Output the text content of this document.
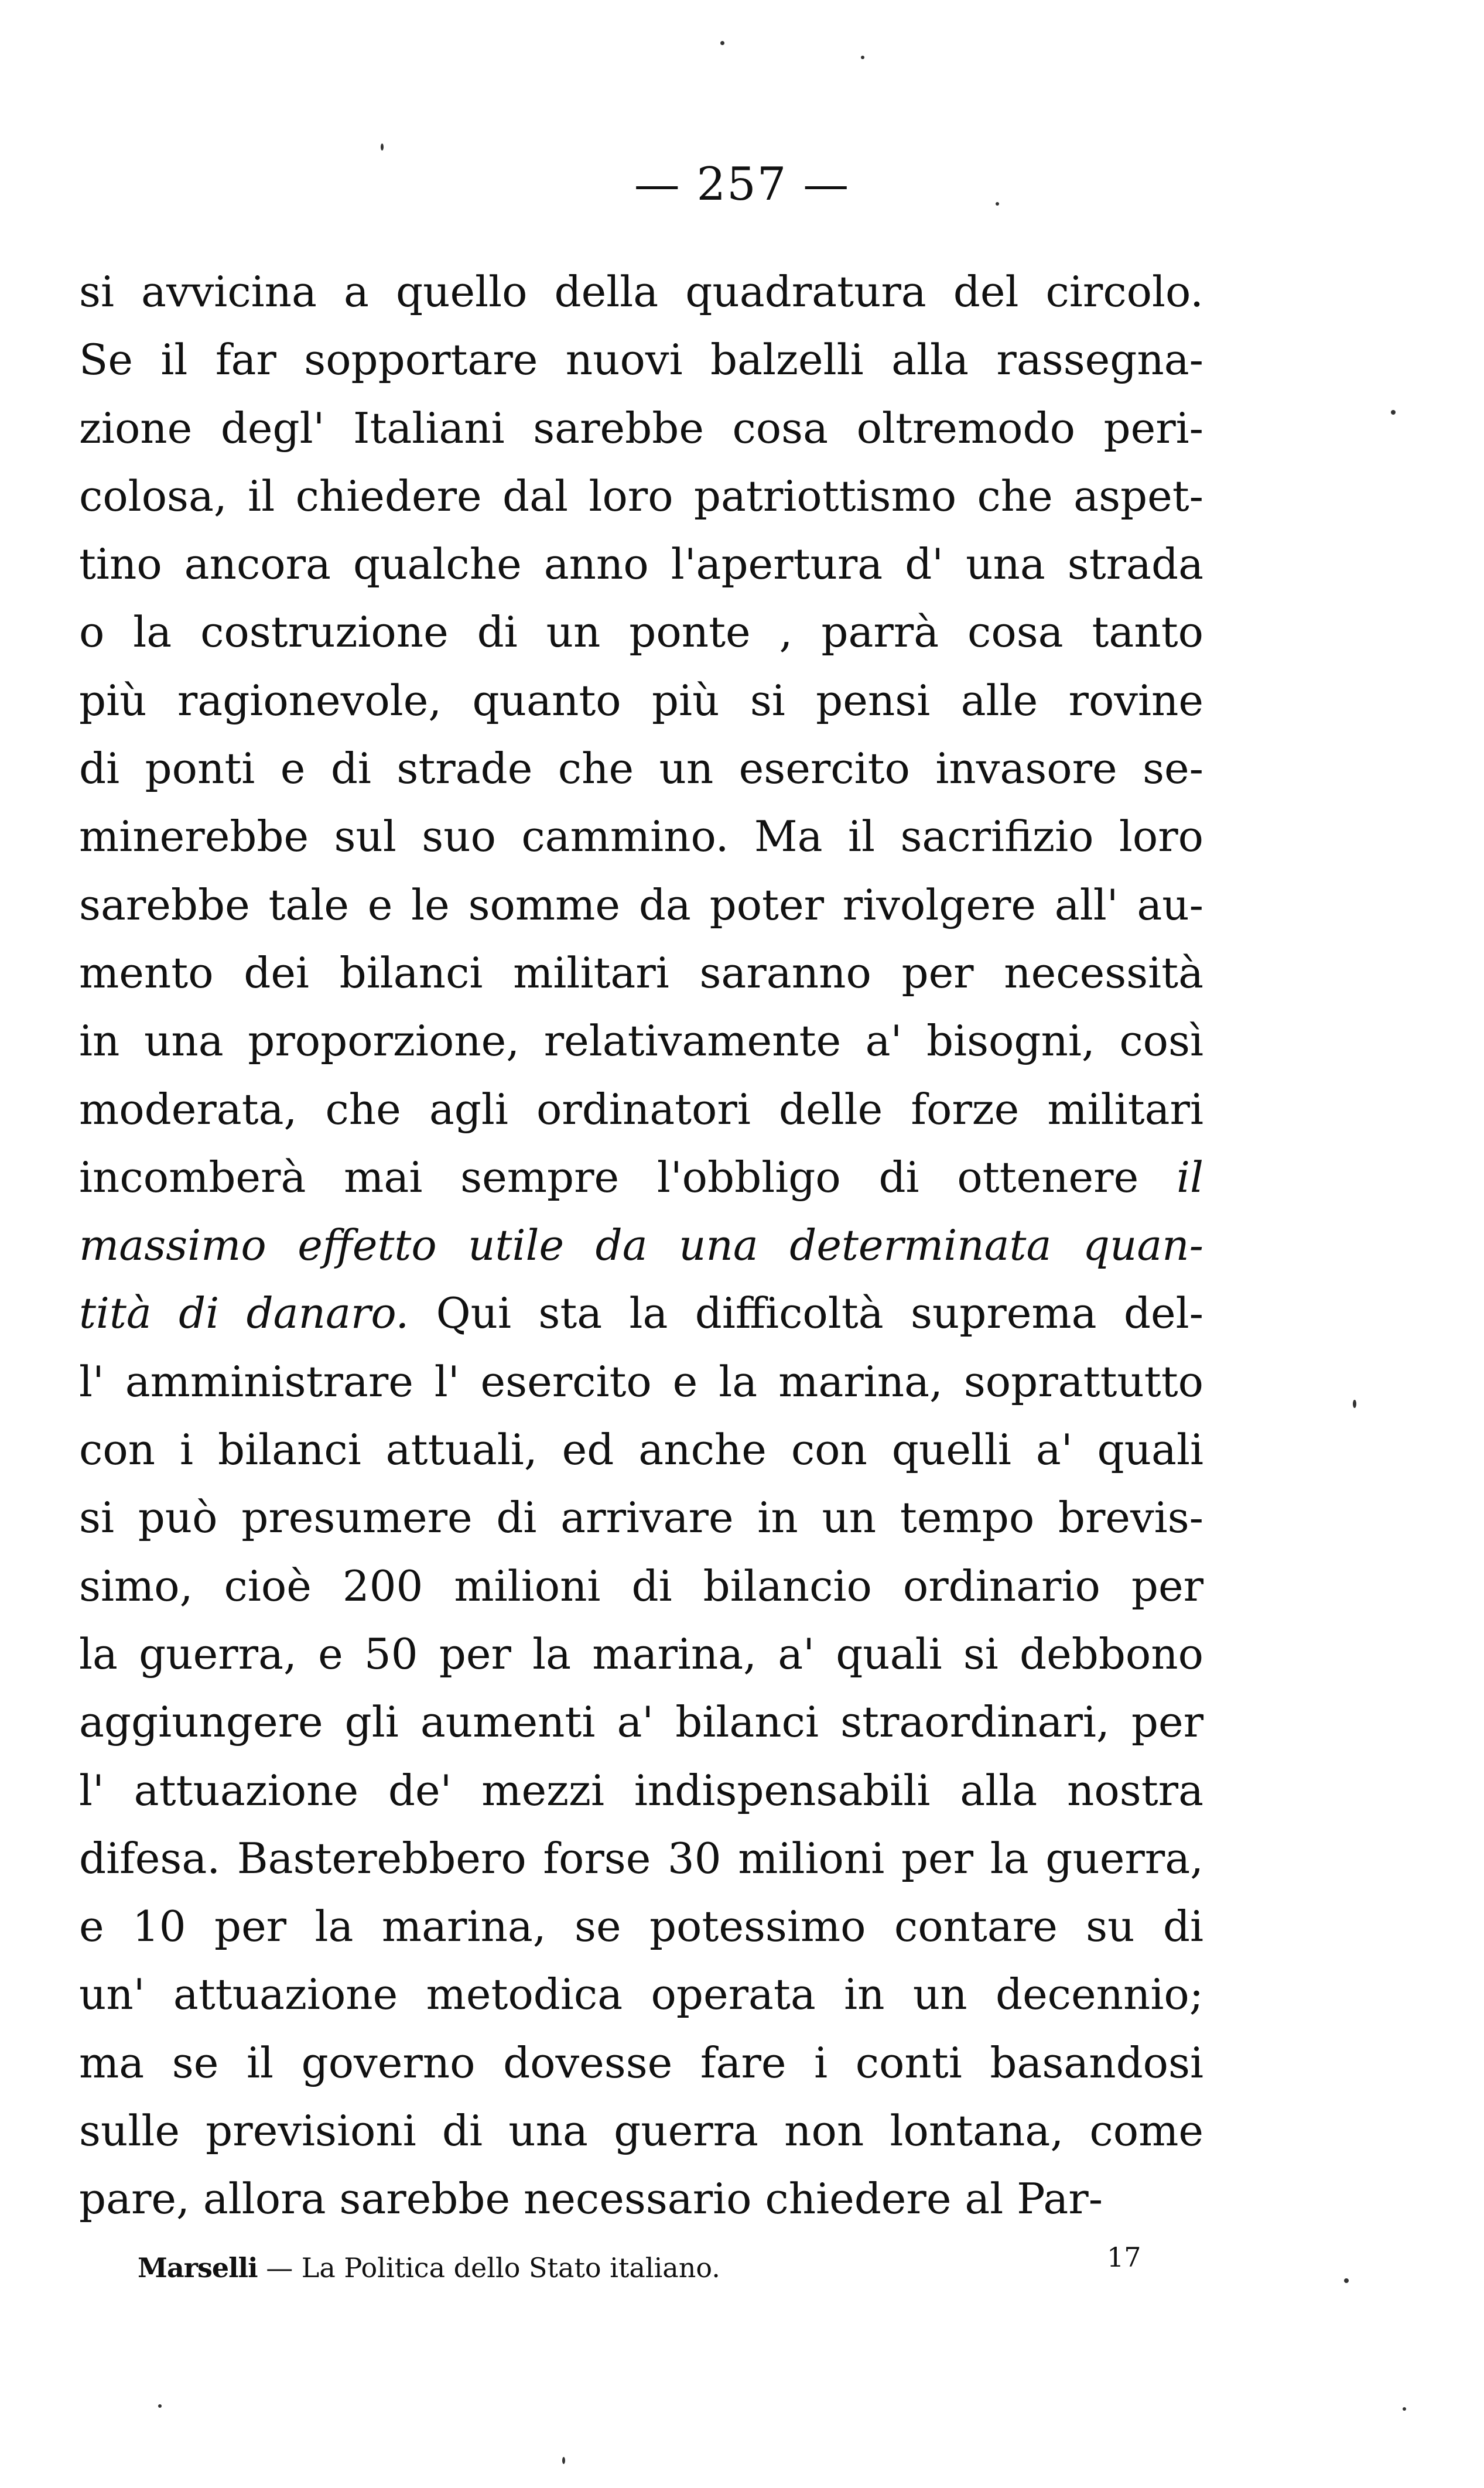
— 257 —
si avvicina a quello della quadratura del circolo.
Se il far sopportare nuovi balzelli alla rassegna-
zione degl' Italiani sarebbe cosa oltremodo peri-
colosa, il chiedere dal loro patriottismo che aspet-
tino ancora qualche anno l'apertura d' una strada
o la costruzione di un ponte , parrà cosa tanto
più ragionevole, quanto più si pensi alle rovine
di ponti e di strade che un esercito invasore se-
minerebbe sul suo cammino. Ma il sacrifizio loro
sarebbe tale e le somme da poter rivolgere all' au-
mento dei bilanci militari saranno per necessità
in una proporzione, relativamente a' bisogni, così
moderata, che agli ordinatori delle forze militari
incomberà mai sempre l'obbligo di ottenere il
massimo effetto utile da una determinata quan-
tità di danaro. Qui sta la difficoltà suprema del-
l' amministrare l' esercito e la marina, soprattutto
con i bilanci attuali, ed anche con quelli a' quali
si può presumere di arrivare in un tempo brevis-
simo, cioè 200 milioni di bilancio ordinario per
la guerra, e 50 per la marina, a' quali si debbono
aggiungere gli aumenti a' bilanci straordinari, per
l' attuazione de' mezzi indispensabili alla nostra
difesa. Basterebbero forse 30 milioni per la guerra,
e 10 per la marina, se potessimo contare su di
un' attuazione metodica operata in un decennio;
ma se il governo dovesse fare i conti basandosi
sulle previsioni di una guerra non lontana, come
pare, allora sarebbe necessario chiedere al Par-
Marselli — La Politica dello Stato italiano.	17
